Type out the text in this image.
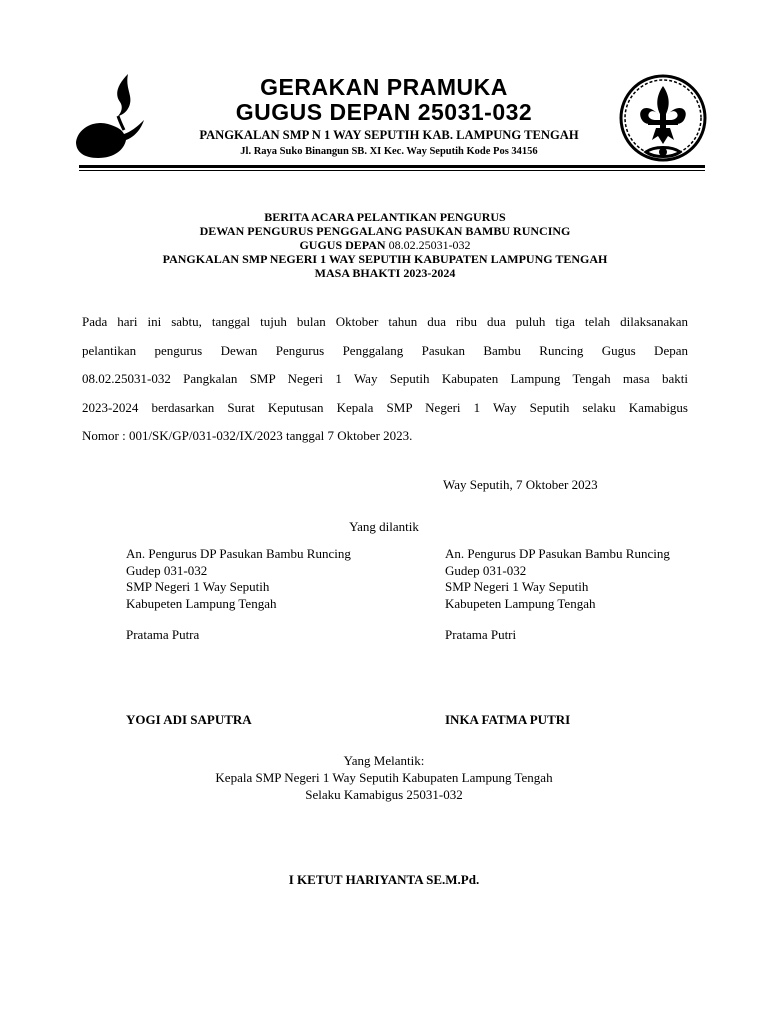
GERAKAN PRAMUKA
GUGUS DEPAN 25031-032
PANGKALAN SMP N 1 WAY SEPUTIH KAB. LAMPUNG TENGAH
Jl. Raya Suko Binangun SB. XI Kec. Way Seputih Kode Pos 34156
BERITA ACARA PELANTIKAN PENGURUS
DEWAN PENGURUS PENGGALANG PASUKAN BAMBU RUNCING
GUGUS DEPAN 08.02.25031-032
PANGKALAN SMP NEGERI 1 WAY SEPUTIH KABUPATEN LAMPUNG TENGAH
MASA BHAKTI 2023-2024
Pada hari ini sabtu, tanggal tujuh bulan Oktober tahun dua ribu dua puluh tiga telah dilaksanakan
pelantikan pengurus Dewan Pengurus Penggalang Pasukan Bambu Runcing Gugus Depan
08.02.25031-032 Pangkalan SMP Negeri 1 Way Seputih Kabupaten Lampung Tengah masa bakti
2023-2024 berdasarkan Surat Keputusan Kepala SMP Negeri 1 Way Seputih selaku Kamabigus
Nomor : 001/SK/GP/031-032/IX/2023 tanggal 7 Oktober 2023.
Way Seputih, 7 Oktober 2023
Yang dilantik
An. Pengurus DP Pasukan Bambu Runcing
Gudep 031-032
SMP Negeri 1 Way Seputih
Kabupeten Lampung Tengah
An. Pengurus DP Pasukan Bambu Runcing
Gudep 031-032
SMP Negeri 1 Way Seputih
Kabupeten Lampung Tengah
Pratama Putra	Pratama Putri
YOGI ADI SAPUTRA	INKA FATMA PUTRI
Yang Melantik:
Kepala SMP Negeri 1 Way Seputih Kabupaten Lampung Tengah
Selaku Kamabigus 25031-032
I KETUT HARIYANTA SE.M.Pd.
